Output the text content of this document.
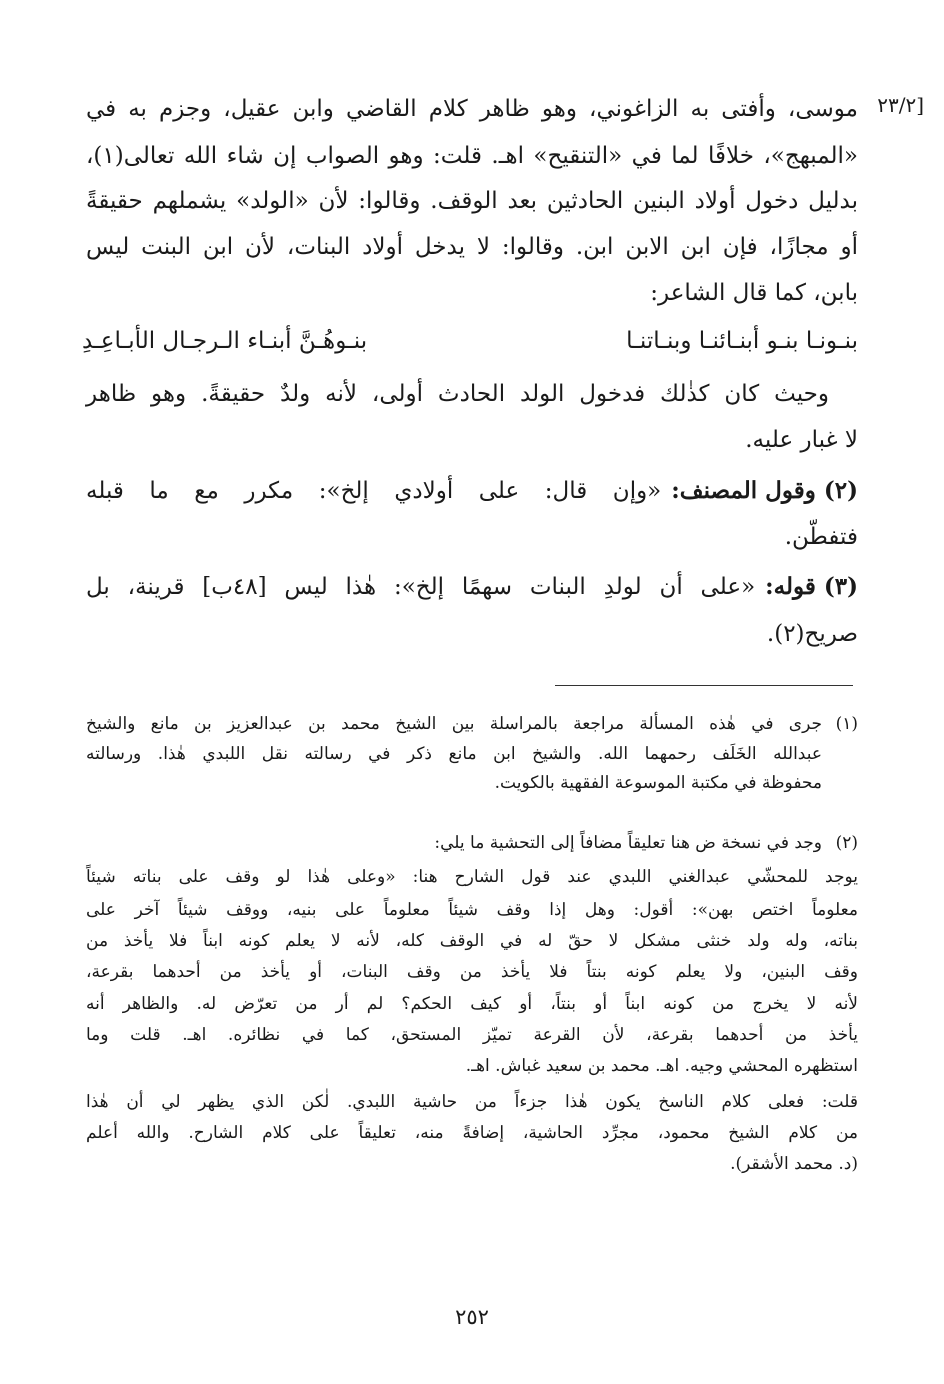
[٢٣/٢
موسى، وأفتى به الزاغوني، وهو ظاهر كلام القاضي وابن عقيل، وجزم به في
«المبهج»، خلافًا لما في «التنقيح» اهـ. قلت: وهو الصواب إن شاء الله تعالى(١)،
بدليل دخول أولاد البنين الحادثين بعد الوقف. وقالوا: لأن «الولد» يشملهم حقيقةً
أو مجازًا، فإن ابن الابن ابن. وقالوا: لا يدخل أولاد البنات، لأن ابن البنت ليس
بابن، كما قال الشاعر:
بنـونـا بنـو أبنـائنـا وبنـاتنـا
بنـوهُـنَّ أبنـاء الـرجـال الأبـاعِـدِ
وحيث كان كذٰلك فدخول الولد الحادث أولى، لأنه ولدٌ حقيقةً. وهو ظاهر
لا غبار عليه.
(٢) وقول المصنف:
«وإن قال: على أولادي إلخ»: مكرر مع ما قبله
فتفطّن.
(٣) قوله:
«على أن لولدِ البنات سهمًا إلخ»: هٰذا ليس [٤٨ب] قرينة، بل
صريح(٢).
(١)
جرى في هٰذه المسألة مراجعة بالمراسلة بين الشيخ محمد بن عبدالعزيز بن مانع والشيخ
عبدالله الخَلَف رحمهما الله. والشيخ ابن مانع ذكر في رسالته نقل اللبدي هٰذا. ورسالته
محفوظة في مكتبة الموسوعة الفقهية بالكويت.
(٢)
وجد في نسخة ض هنا تعليقاً مضافاً إلى التحشية ما يلي:
يوجد للمحشّي عبدالغني اللبدي عند قول الشارح هنا: «وعلى هٰذا لو وقف على بناته شيئاً
معلوماً اختص بهن»: أقول: وهل إذا وقف شيئاً معلوماً على بنيه، ووقف شيئاً آخر على
بناته، وله ولد خنثى مشكل لا حقّ له في الوقف كله، لأنه لا يعلم كونه ابناً فلا يأخذ من
وقف البنين، ولا يعلم كونه بنتاً فلا يأخذ من وقف البنات، أو يأخذ من أحدهما بقرعة،
لأنه لا يخرج من كونه ابناً أو بنتاً، أو كيف الحكم؟ لم أر من تعرّض له. والظاهر أنه
يأخذ من أحدهما بقرعة، لأن القرعة تميّز المستحق، كما في نظائره. اهـ. قلت وما
استظهره المحشي وجيه. اهـ. محمد بن سعيد غباش. اهـ.
قلت: فعلى كلام الناسخ يكون هٰذا جزءاً من حاشية اللبدي. لٰكن الذي يظهر لي أن هٰذا
من كلام الشيخ محمود، مجرِّد الحاشية، إضافةً منه، تعليقاً على كلام الشارح. والله أعلم
(د. محمد الأشقر).
٢٥٢
